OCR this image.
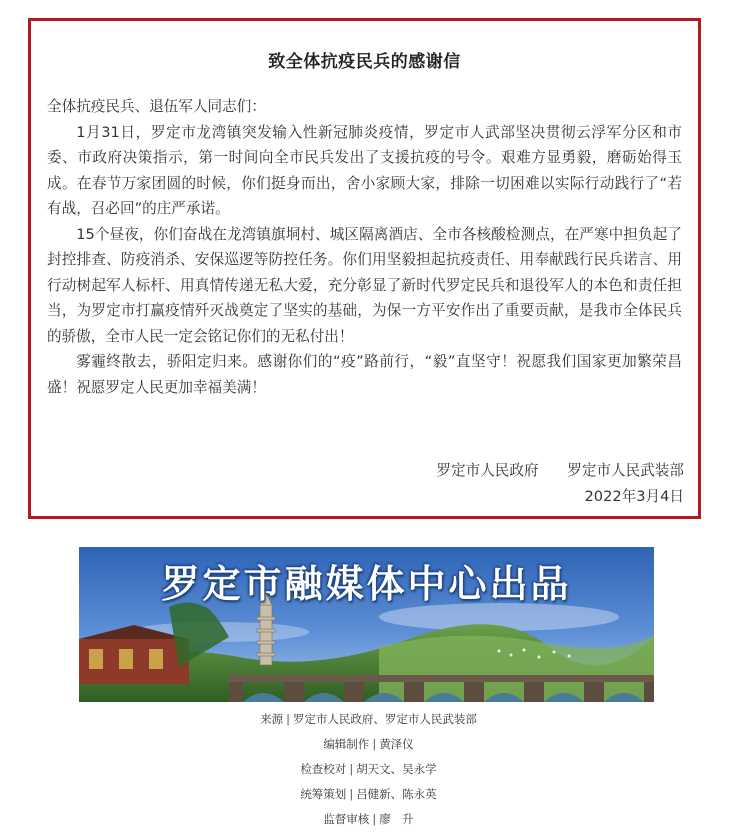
致全体抗疫民兵的感谢信

全体抗疫民兵、退伍军人同志们：

1月31日，罗定市龙湾镇突发输入性新冠肺炎疫情，罗定市人武部坚决贯彻云浮军分区和市委、市政府决策指示，第一时间向全市民兵发出了支援抗疫的号令。艰难方显勇毅，磨砺始得玉成。在春节万家团圆的时候，你们挺身而出，舍小家顾大家，排除一切困难以实际行动践行了“若有战，召必回”的庄严承诺。

15个昼夜，你们奋战在龙湾镇旗垌村、城区隔离酒店、全市各核酸检测点，在严寒中担负起了封控排查、防疫消杀、安保巡逻等防控任务。你们用坚毅担起抗疫责任、用奉献践行民兵诺言、用行动树起军人标杆、用真情传递无私大爱，充分彰显了新时代罗定民兵和退役军人的本色和责任担当，为罗定市打赢疫情歼灭战奠定了坚实的基础，为保一方平安作出了重要贡献，是我市全体民兵的骄傲，全市人民一定会铭记你们的无私付出！

雾霾终散去，骄阳定归来。感谢你们的“疫”路前行，“毅”直坚守！祝愿我们国家更加繁荣昌盛！祝愿罗定人民更加幸福美满！

罗定市人民政府 罗定市人民武装部
2022年3月4日
罗定市融媒体中心出品
来源 | 罗定市人民政府、罗定市人民武装部
编辑制作 | 黄泽仪
检查校对 | 胡天文、吴永学
统筹策划 | 吕健新、陈永英
监督审核 | 廖　升
